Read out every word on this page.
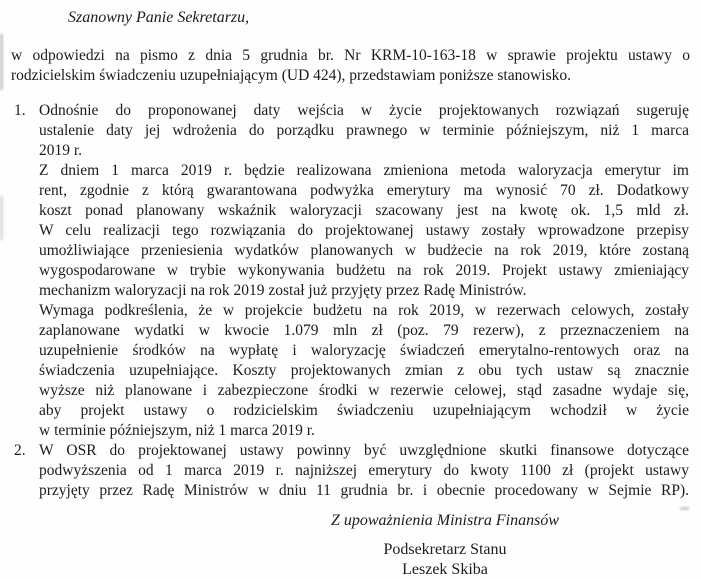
Szanowny Panie Sekretarzu,
w odpowiedzi na pismo z dnia 5 grudnia br. Nr KRM-10-163-18 w sprawie projektu ustawy o
rodzicielskim świadczeniu uzupełniającym (UD 424), przedstawiam poniższe stanowisko.
1. Odnośnie do proponowanej daty wejścia w życie projektowanych rozwiązań sugeruję
ustalenie daty jej wdrożenia do porządku prawnego w terminie późniejszym, niż 1 marca
2019 r.
Z dniem 1 marca 2019 r. będzie realizowana zmieniona metoda waloryzacja emerytur im
rent, zgodnie z którą gwarantowana podwyżka emerytury ma wynosić 70 zł. Dodatkowy
koszt ponad planowany wskaźnik waloryzacji szacowany jest na kwotę ok. 1,5 mld zł.
W celu realizacji tego rozwiązania do projektowanej ustawy zostały wprowadzone przepisy
umożliwiające przeniesienia wydatków planowanych w budżecie na rok 2019, które zostaną
wygospodarowane w trybie wykonywania budżetu na rok 2019. Projekt ustawy zmieniający
mechanizm waloryzacji na rok 2019 został już przyjęty przez Radę Ministrów.
Wymaga podkreślenia, że w projekcie budżetu na rok 2019, w rezerwach celowych, zostały
zaplanowane wydatki w kwocie 1.079 mln zł (poz. 79 rezerw), z przeznaczeniem na
uzupełnienie środków na wypłatę i waloryzację świadczeń emerytalno-rentowych oraz na
świadczenia uzupełniające. Koszty projektowanych zmian z obu tych ustaw są znacznie
wyższe niż planowane i zabezpieczone środki w rezerwie celowej, stąd zasadne wydaje się,
aby projekt ustawy o rodzicielskim świadczeniu uzupełniającym wchodził w życie
w terminie późniejszym, niż 1 marca 2019 r.
2. W OSR do projektowanej ustawy powinny być uwzględnione skutki finansowe dotyczące
podwyższenia od 1 marca 2019 r. najniższej emerytury do kwoty 1100 zł (projekt ustawy
przyjęty przez Radę Ministrów w dniu 11 grudnia br. i obecnie procedowany w Sejmie RP).
Z upoważnienia Ministra Finansów
Podsekretarz Stanu
Leszek Skiba
